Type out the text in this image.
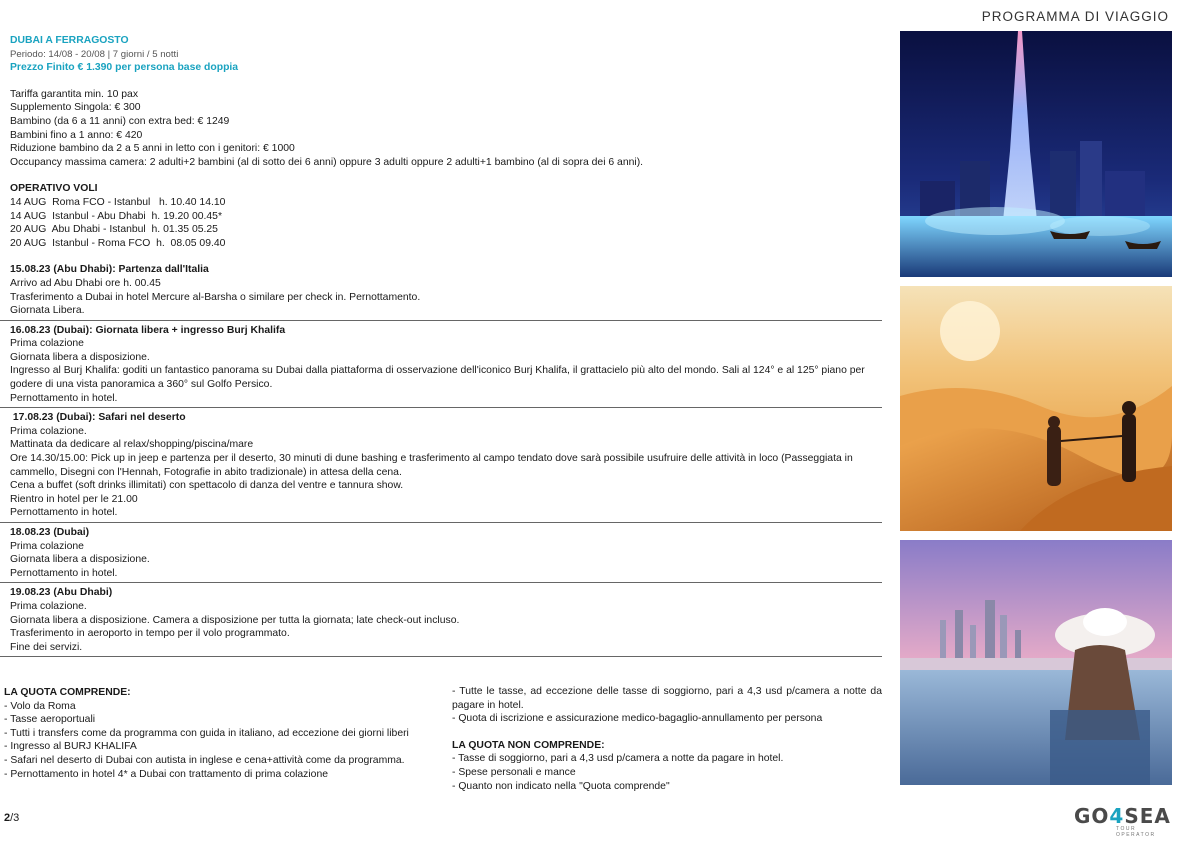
PROGRAMMA DI VIAGGIO
DUBAI A FERRAGOSTO
Periodo: 14/08 - 20/08 | 7 giorni / 5 notti
Prezzo Finito € 1.390 per persona base doppia
Tariffa garantita min. 10 pax
Supplemento Singola: € 300
Bambino (da 6 a 11 anni) con extra bed: € 1249
Bambini fino a 1 anno: € 420
Riduzione bambino da 2 a 5 anni in letto con i genitori: € 1000
Occupancy massima camera: 2 adulti+2 bambini (al di sotto dei 6 anni) oppure 3 adulti oppure 2 adulti+1 bambino (al di sopra dei 6 anni).
OPERATIVO VOLI
14 AUG  Roma FCO - Istanbul   h. 10.40 14.10
14 AUG  Istanbul - Abu Dhabi  h. 19.20 00.45*
20 AUG  Abu Dhabi - Istanbul  h. 01.35 05.25
20 AUG  Istanbul - Roma FCO  h.  08.05 09.40
15.08.23 (Abu Dhabi): Partenza dall'Italia
Arrivo ad Abu Dhabi ore h. 00.45
Trasferimento a Dubai in hotel Mercure al-Barsha o similare per check in. Pernottamento.
Giornata Libera.
16.08.23 (Dubai): Giornata libera + ingresso Burj Khalifa
Prima colazione
Giornata libera a disposizione.
Ingresso al Burj Khalifa: goditi un fantastico panorama su Dubai dalla piattaforma di osservazione dell'iconico Burj Khalifa, il grattacielo più alto del mondo. Sali al 124° e al 125° piano per godere di una vista panoramica a 360° sul Golfo Persico.
Pernottamento in hotel.
17.08.23 (Dubai): Safari nel deserto
Prima colazione.
Mattinata da dedicare al relax/shopping/piscina/mare
Ore 14.30/15.00: Pick up in jeep e partenza per il deserto, 30 minuti di dune bashing e trasferimento al campo tendato dove sarà possibile usufruire delle attività in loco (Passeggiata in cammello, Disegni con l'Hennah, Fotografie in abito tradizionale) in attesa della cena.
Cena a buffet (soft drinks illimitati) con spettacolo di danza del ventre e tannura show.
Rientro in hotel per le 21.00
Pernottamento in hotel.
18.08.23 (Dubai)
Prima colazione
Giornata libera a disposizione.
Pernottamento in hotel.
19.08.23 (Abu Dhabi)
Prima colazione.
Giornata libera a disposizione. Camera a disposizione per tutta la giornata; late check-out incluso.
Trasferimento in aeroporto in tempo per il volo programmato.
Fine dei servizi.
LA QUOTA COMPRENDE:
- Volo da Roma
- Tasse aeroportuali
- Tutti i transfers come da programma con guida in italiano, ad eccezione dei giorni liberi
- Ingresso al BURJ KHALIFA
- Safari nel deserto di Dubai con autista in inglese e cena+attività come da programma.
- Pernottamento in hotel 4* a Dubai con trattamento di prima colazione
- Tutte le tasse, ad eccezione delle tasse di soggiorno, pari a 4,3 usd p/camera a notte da pagare in hotel.
- Quota di iscrizione e assicurazione medico-bagaglio-annullamento per persona
LA QUOTA NON COMPRENDE:
- Tasse di soggiorno, pari a 4,3 usd p/camera a notte da pagare in hotel.
- Spese personali e mance
- Quanto non indicato nella "Quota comprende"
2/3	GO4SEA
TOUR OPERATOR
